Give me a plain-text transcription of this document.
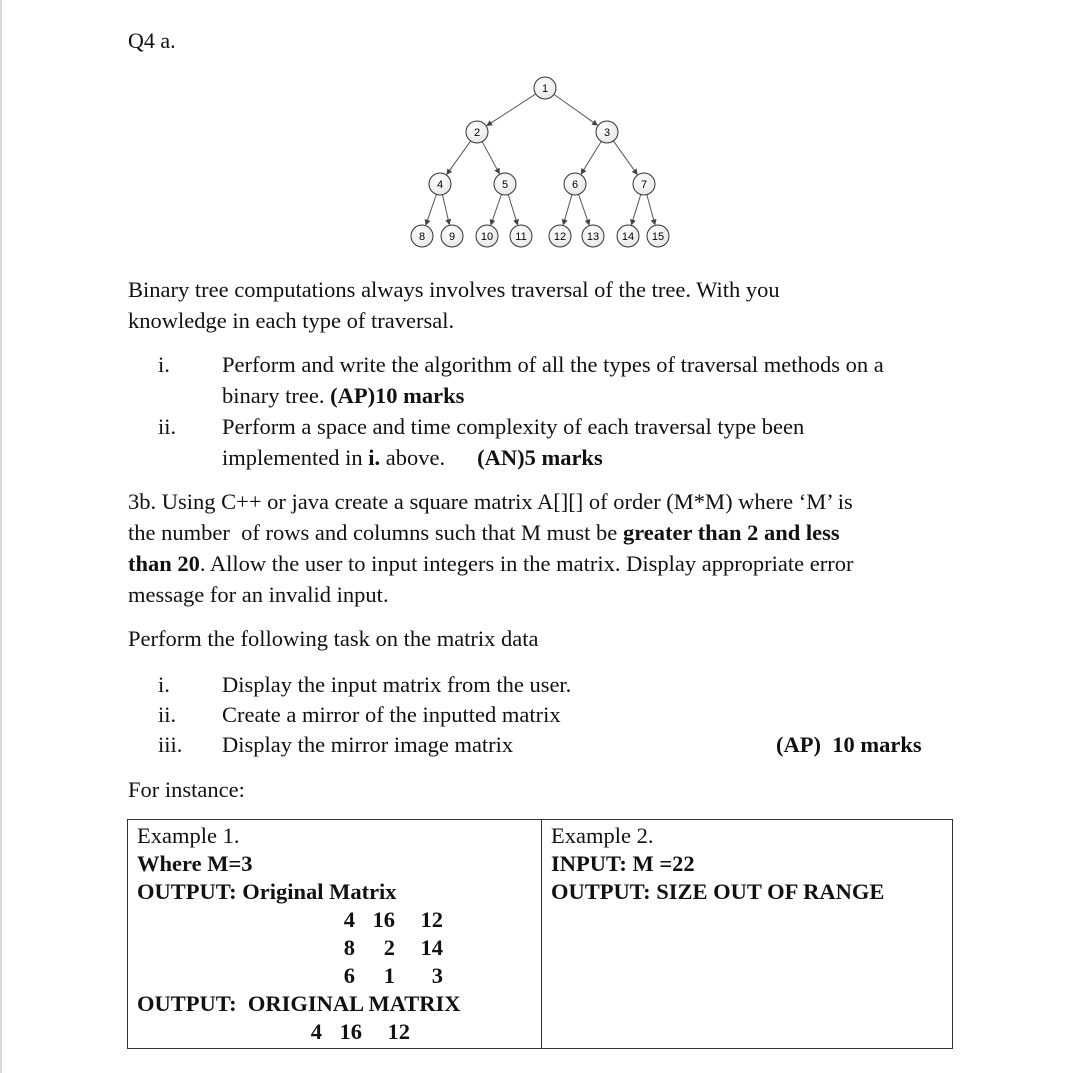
Q4 a.
1
2	3
4	5	6	7
8 9 10 11 12 13 14 15
Binary tree computations always involves traversal of the tree. With you
knowledge in each type of traversal.
i. Perform and write the algorithm of all the types of traversal methods on a
binary tree. (AP)10 marks
ii. Perform a space and time complexity of each traversal type been
implemented in i. above. (AN)5 marks
3b. Using C++ or java create a square matrix A[][] of order (M*M) where ‘M’ is
the number  of rows and columns such that M must be greater than 2 and less
than 20. Allow the user to input integers in the matrix. Display appropriate error
message for an invalid input.
Perform the following task on the matrix data
i. Display the input matrix from the user.
ii. Create a mirror of the inputted matrix
iii. Display the mirror image matrix	(AP)  10 marks
For instance:
Example 1.
Where M=3
OUTPUT: Original Matrix
4 16	12
8	2	14
6	1	3
OUTPUT:  ORIGINAL MATRIX
4 16	12

Example 2.
INPUT: M =22
OUTPUT: SIZE OUT OF RANGE
